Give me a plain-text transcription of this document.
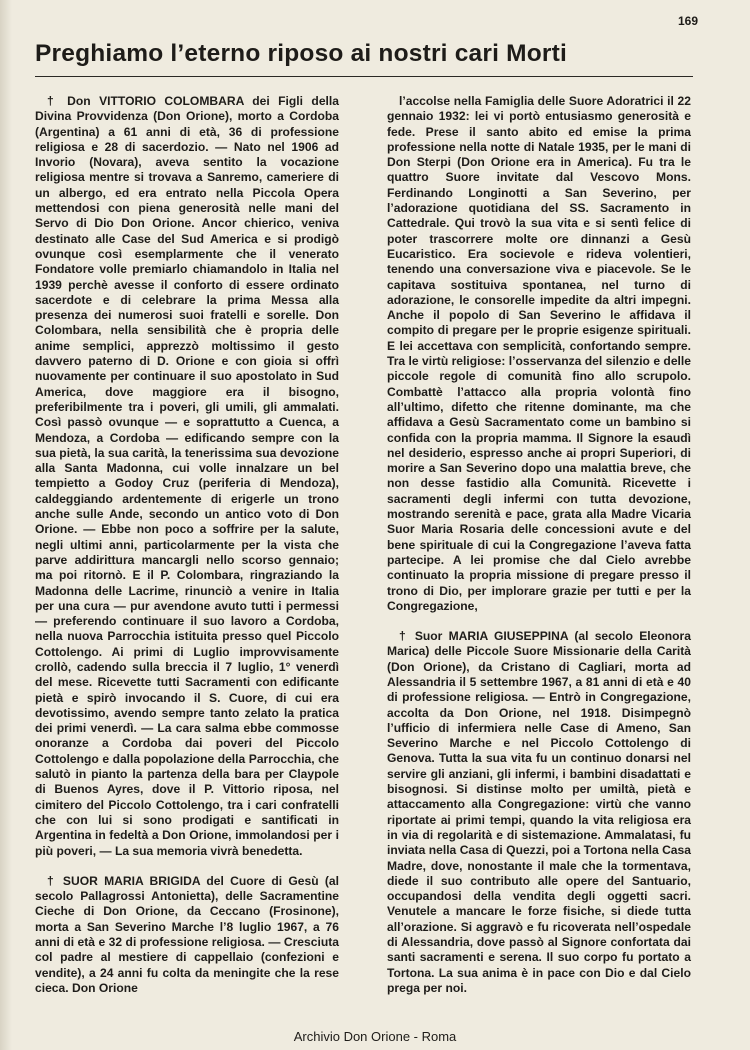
169
Preghiamo l’eterno riposo ai nostri cari Morti

† Don VITTORIO COLOMBARA dei Figli della Divina Provvidenza (Don Orione), morto a Cordoba (Argentina) a 61 anni di età, 36 di professione religiosa e 28 di sacerdozio. — Nato nel 1906 ad Invorio (Novara), aveva sentito la vocazione religiosa mentre si trovava a Sanremo, cameriere di un albergo, ed era entrato nella Piccola Opera mettendosi con piena generosità nelle mani del Servo di Dio Don Orione. Ancor chierico, veniva destinato alle Case del Sud America e si prodigò ovunque così esemplarmente che il venerato Fondatore volle premiarlo chiamandolo in Italia nel 1939 perchè avesse il conforto di essere ordinato sacerdote e di celebrare la prima Messa alla presenza dei numerosi suoi fratelli e sorelle. Don Colombara, nella sensibilità che è propria delle anime semplici, apprezzò moltissimo il gesto davvero paterno di D. Orione e con gioia si offrì nuovamente per continuare il suo apostolato in Sud America, dove maggiore era il bisogno, preferibilmente tra i poveri, gli umili, gli ammalati. Così passò ovunque — e soprattutto a Cuenca, a Mendoza, a Cordoba — edificando sempre con la sua pietà, la sua carità, la tenerissima sua devozione alla Santa Madonna, cui volle innalzare un bel tempietto a Godoy Cruz (periferia di Mendoza), caldeggiando ardentemente di erigerle un trono anche sulle Ande, secondo un antico voto di Don Orione. — Ebbe non poco a soffrire per la salute, negli ultimi anni, particolarmente per la vista che parve addirittura mancargli nello scorso gennaio; ma poi ritornò. E il P. Colombara, ringraziando la Madonna delle Lacrime, rinunciò a venire in Italia per una cura — pur avendone avuto tutti i permessi — preferendo continuare il suo lavoro a Cordoba, nella nuova Parrocchia istituita presso quel Piccolo Cottolengo. Ai primi di Luglio improvvisamente crollò, cadendo sulla breccia il 7 luglio, 1° venerdì del mese. Ricevette tutti Sacramenti con edificante pietà e spirò invocando il S. Cuore, di cui era devotissimo, avendo sempre tanto zelato la pratica dei primi venerdì. — La cara salma ebbe commosse onoranze a Cordoba dai poveri del Piccolo Cottolengo e dalla popolazione della Parrocchia, che salutò in pianto la partenza della bara per Claypole di Buenos Ayres, dove il P. Vittorio riposa, nel cimitero del Piccolo Cottolengo, tra i cari confratelli che con lui si sono prodigati e santificati in Argentina in fedeltà a Don Orione, immolandosi per i più poveri, — La sua memoria vivrà benedetta.

† SUOR MARIA BRIGIDA del Cuore di Gesù (al secolo Pallagrossi Antonietta), delle Sacramentine Cieche di Don Orione, da Ceccano (Frosinone), morta a San Severino Marche l’8 luglio 1967, a 76 anni di età e 32 di professione religiosa. — Cresciuta col padre al mestiere di cappellaio (confezioni e vendite), a 24 anni fu colta da meningite che la rese cieca. Don Orione

l’accolse nella Famiglia delle Suore Adoratrici il 22 gennaio 1932: lei vi portò entusiasmo generosità e fede. Prese il santo abito ed emise la prima professione nella notte di Natale 1935, per le mani di Don Sterpi (Don Orione era in America). Fu tra le quattro Suore invitate dal Vescovo Mons. Ferdinando Longinotti a San Severino, per l’adorazione quotidiana del SS. Sacramento in Cattedrale. Qui trovò la sua vita e si sentì felice di poter trascorrere molte ore dinnanzi a Gesù Eucaristico. Era socievole e rideva volentieri, tenendo una conversazione viva e piacevole. Se le capitava sostituiva spontanea, nel turno di adorazione, le consorelle impedite da altri impegni. Anche il popolo di San Severino le affidava il compito di pregare per le proprie esigenze spirituali. E lei accettava con semplicità, confortando sempre. Tra le virtù religiose: l’osservanza del silenzio e delle piccole regole di comunità fino allo scrupolo. Combattè l’attacco alla propria volontà fino all’ultimo, difetto che ritenne dominante, ma che affidava a Gesù Sacramentato come un bambino si confida con la propria mamma. Il Signore la esaudì nel desiderio, espresso anche ai propri Superiori, di morire a San Severino dopo una malattia breve, che non desse fastidio alla Comunità. Ricevette i sacramenti degli infermi con tutta devozione, mostrando serenità e pace, grata alla Madre Vicaria Suor Maria Rosaria delle concessioni avute e del bene spirituale di cui la Congregazione l’aveva fatta partecipe. A lei promise che dal Cielo avrebbe continuato la propria missione di pregare presso il trono di Dio, per implorare grazie per tutti e per la Congregazione,

† Suor MARIA GIUSEPPINA (al secolo Eleonora Marica) delle Piccole Suore Missionarie della Carità (Don Orione), da Cristano di Cagliari, morta ad Alessandria il 5 settembre 1967, a 81 anni di età e 40 di professione religiosa. — Entrò in Congregazione, accolta da Don Orione, nel 1918. Disimpegnò l’ufficio di infermiera nelle Case di Ameno, San Severino Marche e nel Piccolo Cottolengo di Genova. Tutta la sua vita fu un continuo donarsi nel servire gli anziani, gli infermi, i bambini disadattati e bisognosi. Si distinse molto per umiltà, pietà e attaccamento alla Congregazione: virtù che vanno riportate ai primi tempi, quando la vita religiosa era in via di regolarità e di sistemazione. Ammalatasi, fu inviata nella Casa di Quezzi, poi a Tortona nella Casa Madre, dove, nonostante il male che la tormentava, diede il suo contributo alle opere del Santuario, occupandosi della vendita degli oggetti sacri. Venutele a mancare le forze fisiche, si diede tutta all’orazione. Si aggravò e fu ricoverata nell’ospedale di Alessandria, dove passò al Signore confortata dai santi sacramenti e serena. Il suo corpo fu portato a Tortona. La sua anima è in pace con Dio e dal Cielo prega per noi.

Archivio Don Orione - Roma
